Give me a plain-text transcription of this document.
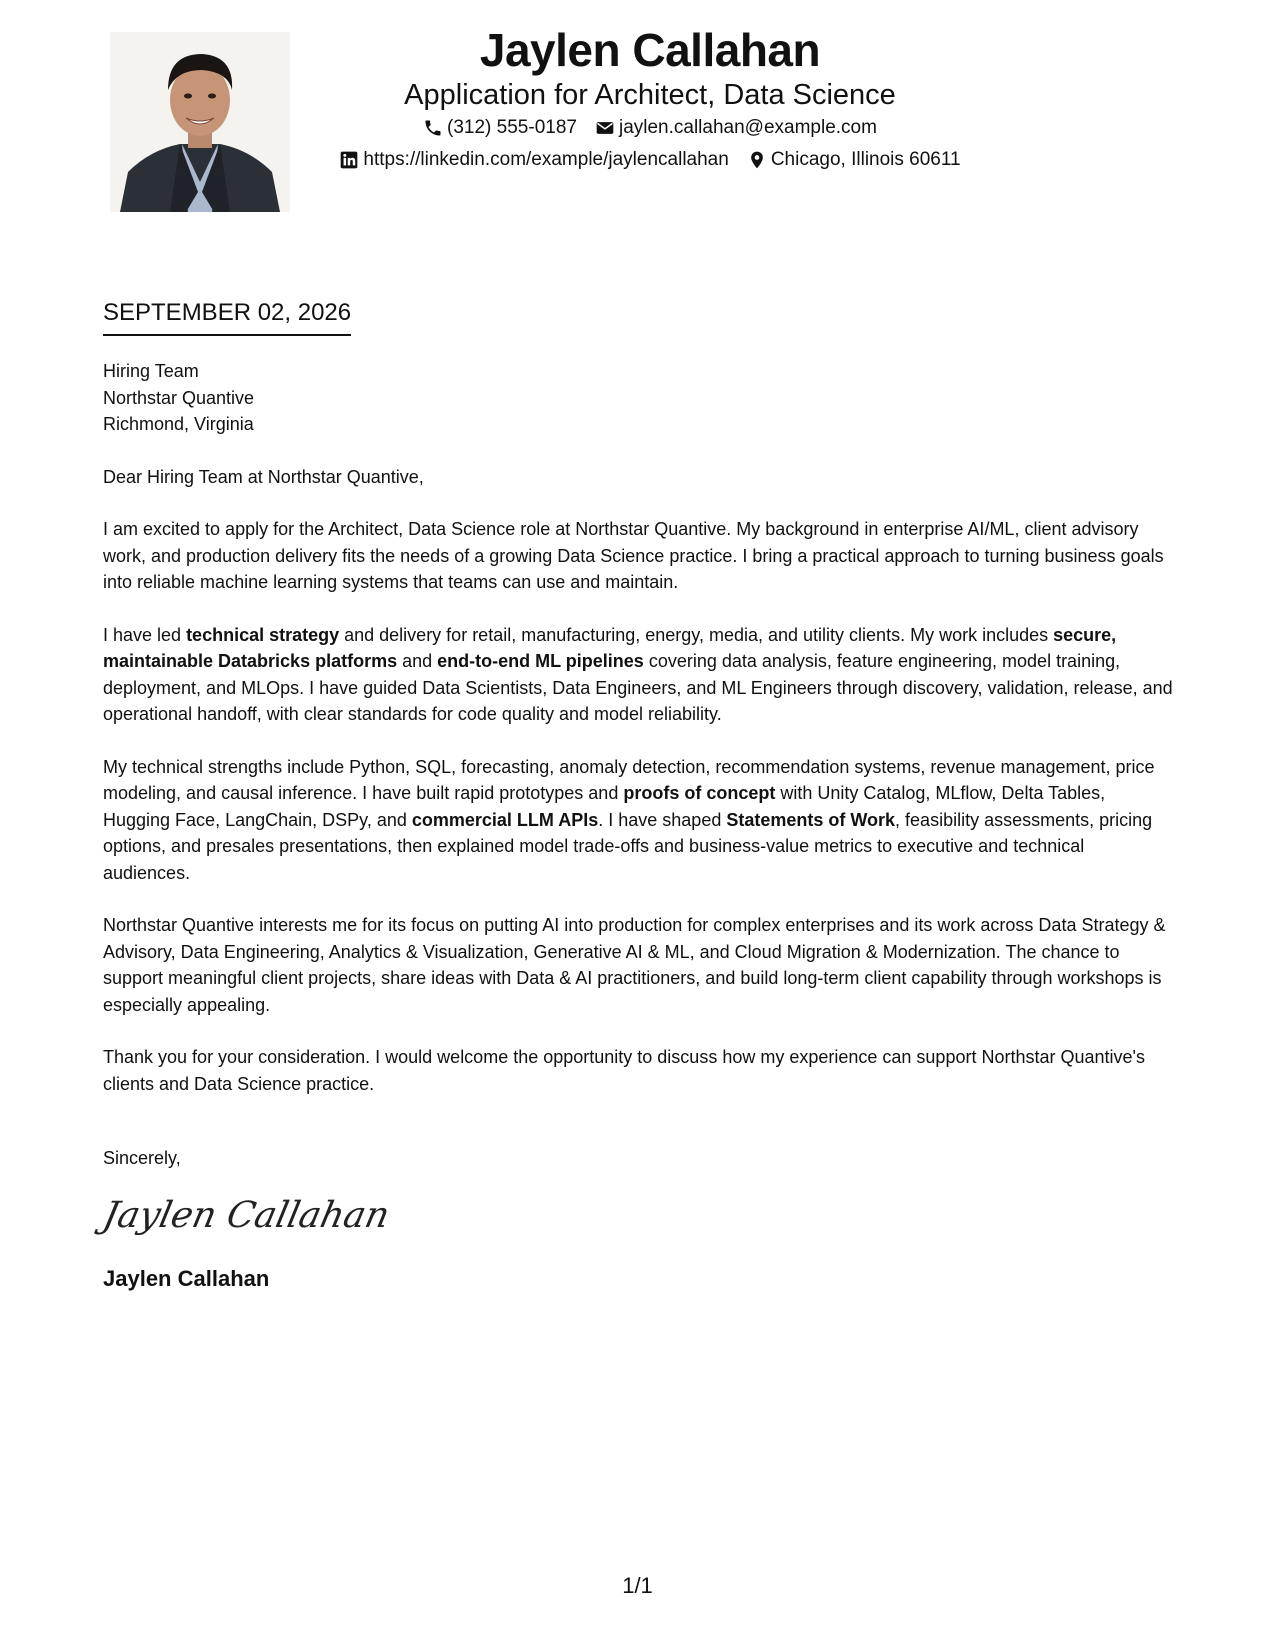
Jaylen Callahan
Application for Architect, Data Science
(312) 555-0187 jaylen.callahan@example.com
https://linkedin.com/example/jaylencallahan Chicago, Illinois 60611
SEPTEMBER 02, 2026
Hiring Team
Northstar Quantive
Richmond, Virginia

Dear Hiring Team at Northstar Quantive,

I am excited to apply for the Architect, Data Science role at Northstar Quantive. My background in enterprise AI/ML, client advisory work, and production delivery fits the needs of a growing Data Science practice. I bring a practical approach to turning business goals into reliable machine learning systems that teams can use and maintain.

I have led technical strategy and delivery for retail, manufacturing, energy, media, and utility clients. My work includes secure, maintainable Databricks platforms and end-to-end ML pipelines covering data analysis, feature engineering, model training, deployment, and MLOps. I have guided Data Scientists, Data Engineers, and ML Engineers through discovery, validation, release, and operational handoff, with clear standards for code quality and model reliability.

My technical strengths include Python, SQL, forecasting, anomaly detection, recommendation systems, revenue management, price modeling, and causal inference. I have built rapid prototypes and proofs of concept with Unity Catalog, MLflow, Delta Tables, Hugging Face, LangChain, DSPy, and commercial LLM APIs. I have shaped Statements of Work, feasibility assessments, pricing options, and presales presentations, then explained model trade-offs and business-value metrics to executive and technical audiences.

Northstar Quantive interests me for its focus on putting AI into production for complex enterprises and its work across Data Strategy & Advisory, Data Engineering, Analytics & Visualization, Generative AI & ML, and Cloud Migration & Modernization. The chance to support meaningful client projects, share ideas with Data & AI practitioners, and build long-term client capability through workshops is especially appealing.

Thank you for your consideration. I would welcome the opportunity to discuss how my experience can support Northstar Quantive's clients and Data Science practice.

Sincerely,
Jaylen Callahan
Jaylen Callahan
1/1
